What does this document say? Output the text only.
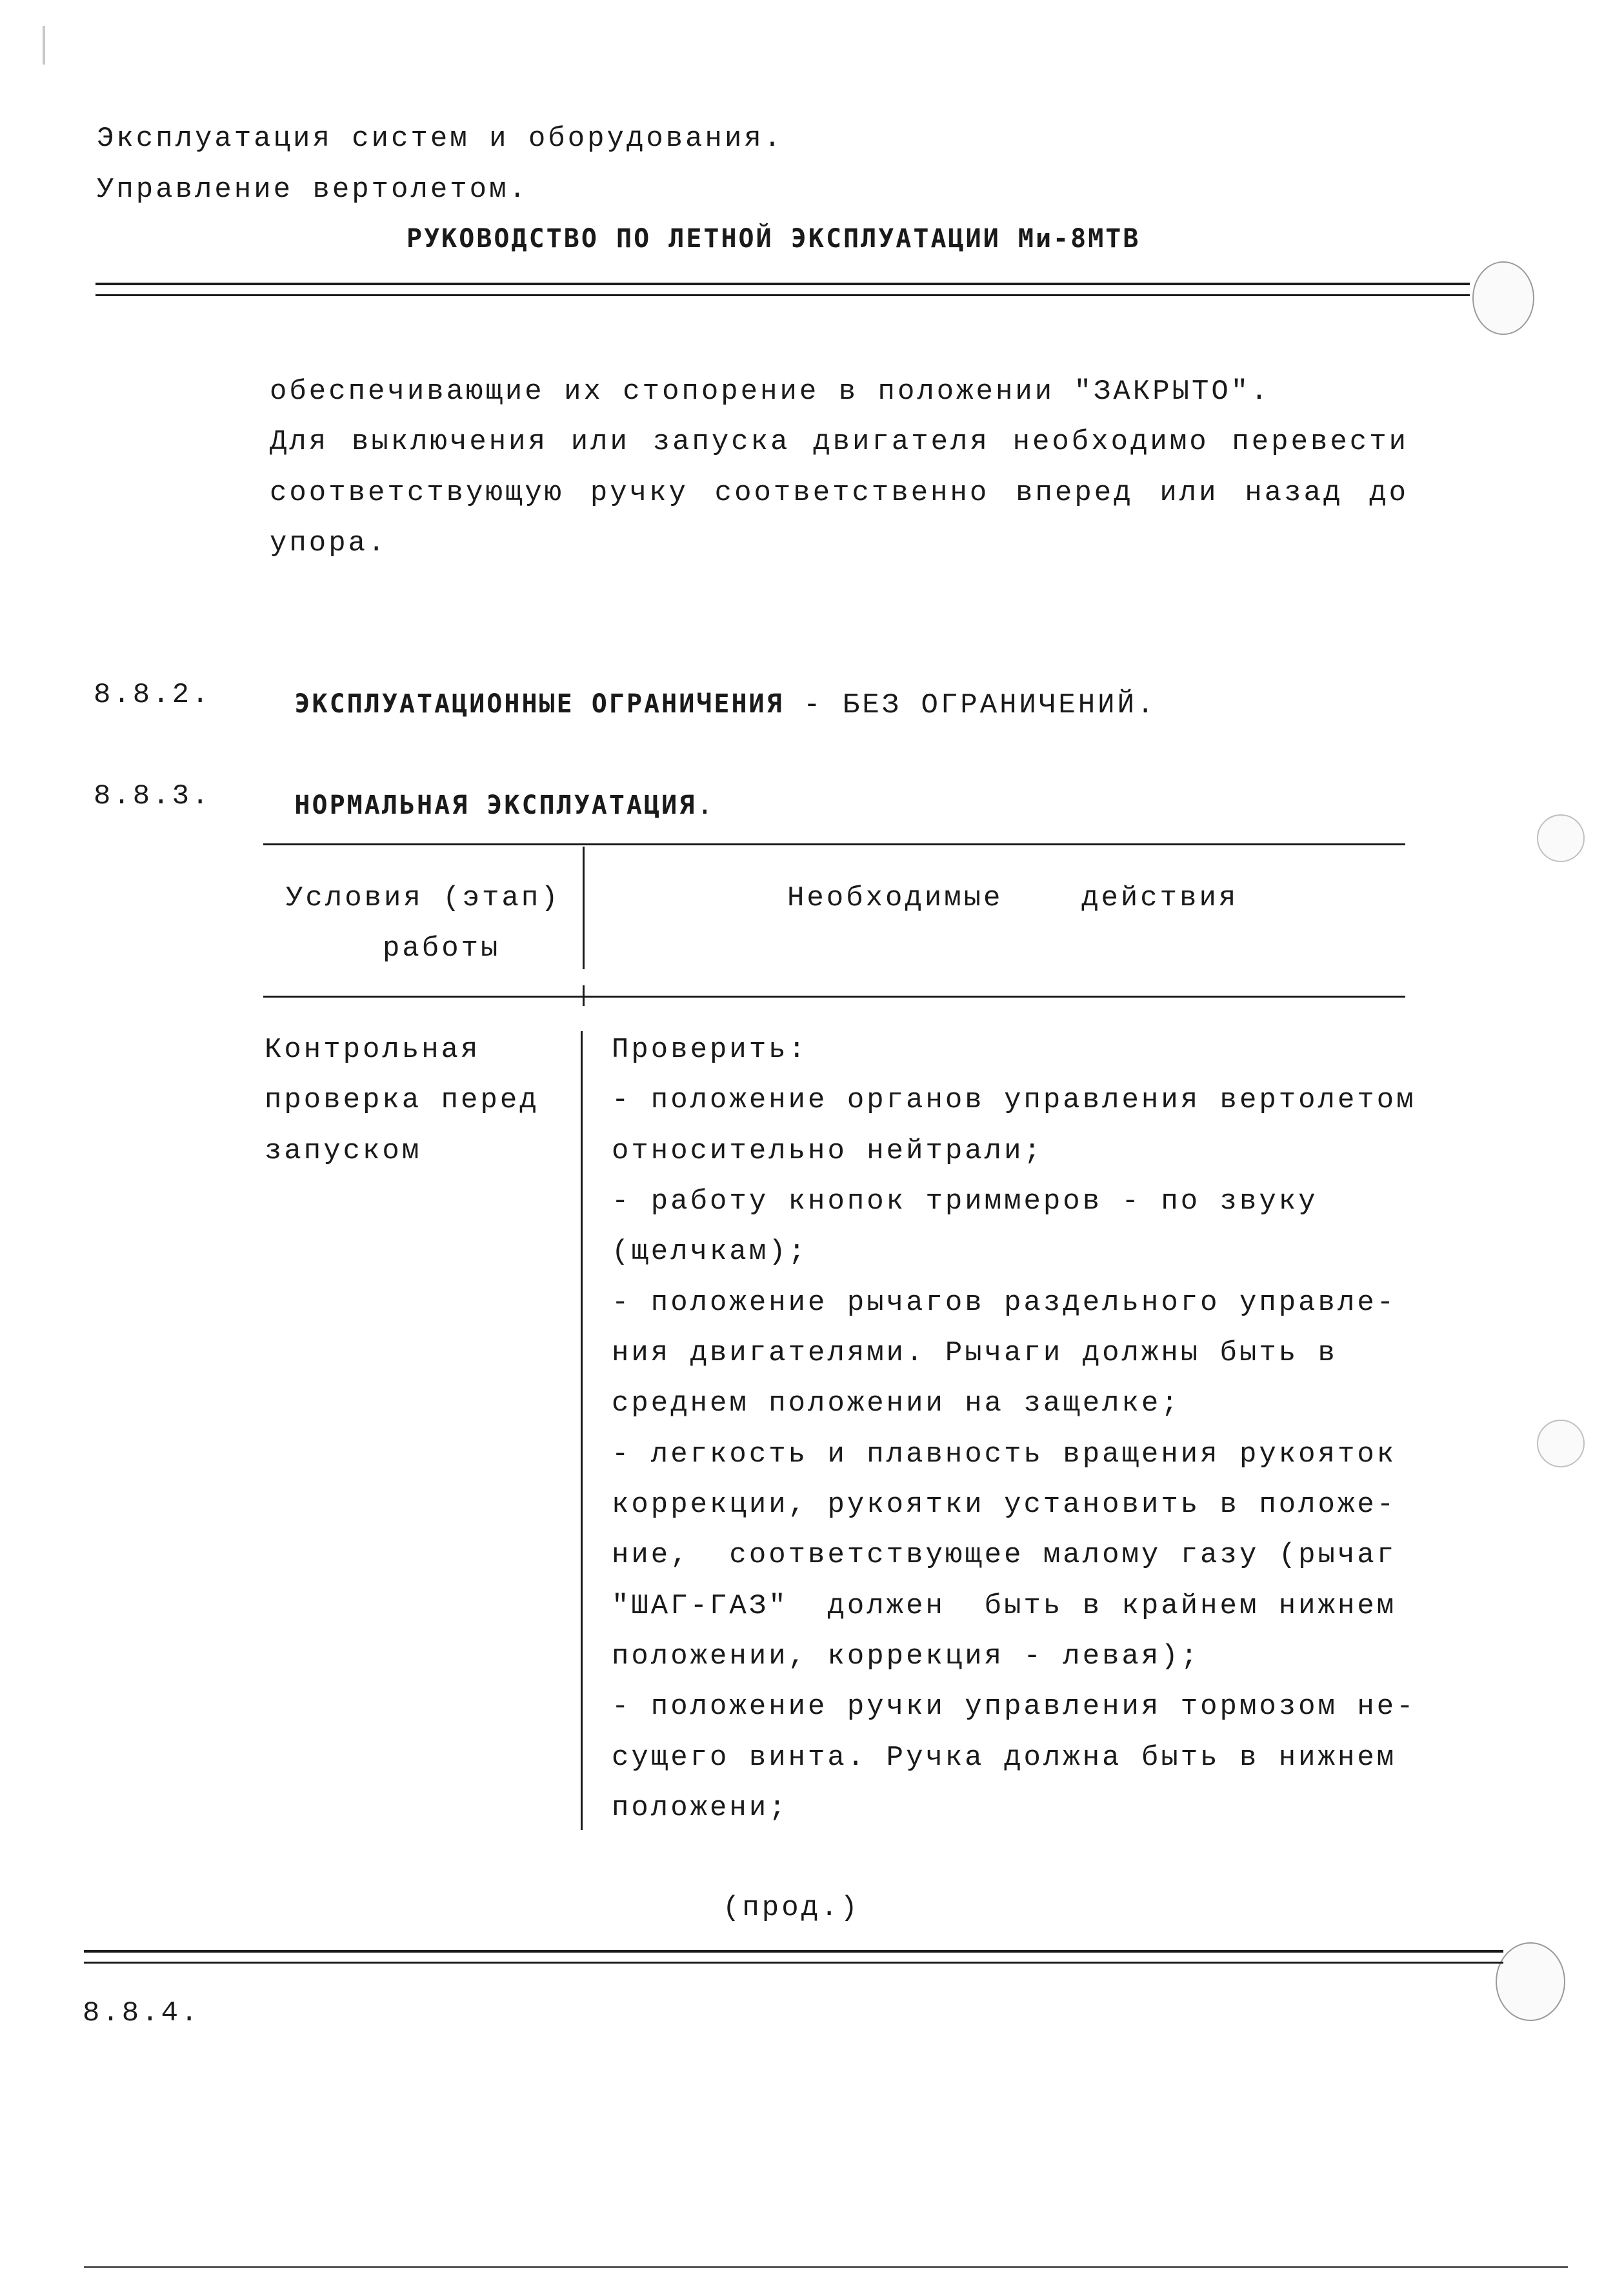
Эксплуатация систем и оборудования.
Управление вертолетом.
РУКОВОДСТВО ПО ЛЕТНОЙ ЭКСПЛУАТАЦИИ Ми-8МТВ
обеспечивающие их стопорение в положении "ЗАКРЫТО".
Для выключения или запуска двигателя необходимо перевести
соответствующую ручку соответственно вперед или назад до
упора.
8.8.2.	ЭКСПЛУАТАЦИОННЫЕ ОГРАНИЧЕНИЯ - БЕЗ ОГРАНИЧЕНИЙ.

8.8.3.	НОРМАЛЬНАЯ ЭКСПЛУАТАЦИЯ.

Условия (этап)
работы
Необходимые    действия
Контрольная
проверка перед
запуском
Проверить:
- положение органов управления вертолетом
относительно нейтрали;
- работу кнопок триммеров - по звуку
(щелчкам);
- положение рычагов раздельного управле-
ния двигателями. Рычаги должны быть в
среднем положении на защелке;
- легкость и плавность вращения рукояток
коррекции, рукоятки установить в положе-
ние,  соответствующее малому газу (рычаг
"ШАГ-ГАЗ"  должен  быть в крайнем нижнем
положении, коррекция - левая);
- положение ручки управления тормозом не-
сущего винта. Ручка должна быть в нижнем
положени;
(прод.)
8.8.4.
